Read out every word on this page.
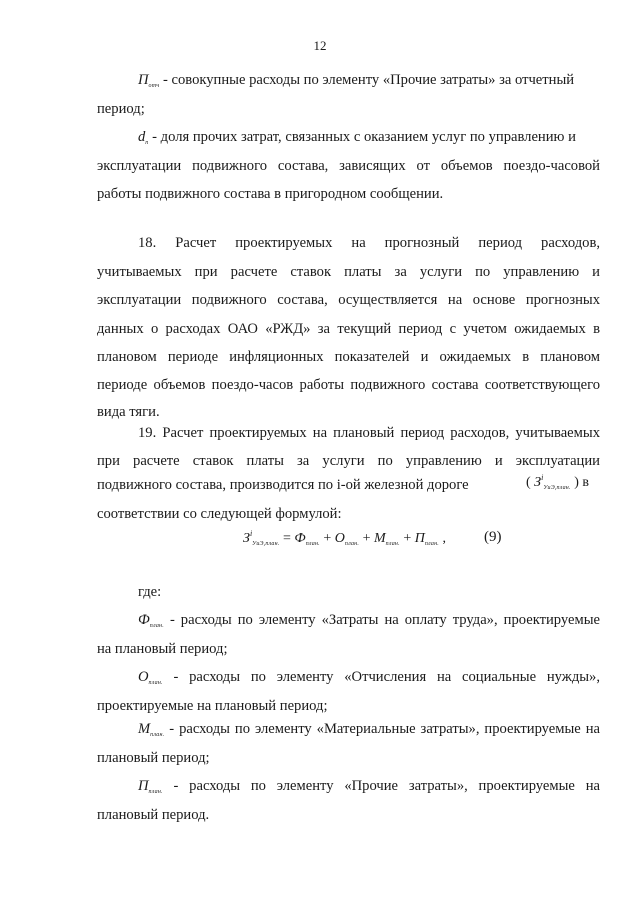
12
$П_{отч}$ - совокупные расходы по элементу «Прочие затраты» за отчетный
период;
$d_п$ - доля прочих затрат, связанных с оказанием услуг по управлению и
эксплуатации подвижного состава, зависящих от объемов поездо-часовой
работы подвижного состава в пригородном сообщении.
18. Расчет проектируемых на прогнозный период расходов,
учитываемых при расчете ставок платы за услуги по управлению и
эксплуатации подвижного состава, осуществляется на основе прогнозных
данных о расходах ОАО «РЖД» за текущий период с учетом ожидаемых в
плановом периоде инфляционных показателей и ожидаемых в плановом
периоде объемов поездо-часов работы подвижного состава соответствующего
вида тяги.
19. Расчет проектируемых на плановый период расходов, учитываемых
при расчете ставок платы за услуги по управлению и эксплуатации
подвижного состава, производится по i-ой железной дороге	( $З^i_{УиЭ,план.}$ ) в
соответствии со следующей формулой:
$З^i_{УиЭ,план.} = Ф_{план.} + О_{план.} + М_{план.} + П_{план.}$ ,	(9)
где:
$Ф_{план.}$ - расходы по элементу «Затраты на оплату труда», проектируемые
на плановый период;
$О_{план.}$ - расходы по элементу «Отчисления на социальные нужды»,
проектируемые на плановый период;
$М_{план.}$ - расходы по элементу «Материальные затраты», проектируемые на
плановый период;
$П_{план.}$ - расходы по элементу «Прочие затраты», проектируемые на
плановый период.
